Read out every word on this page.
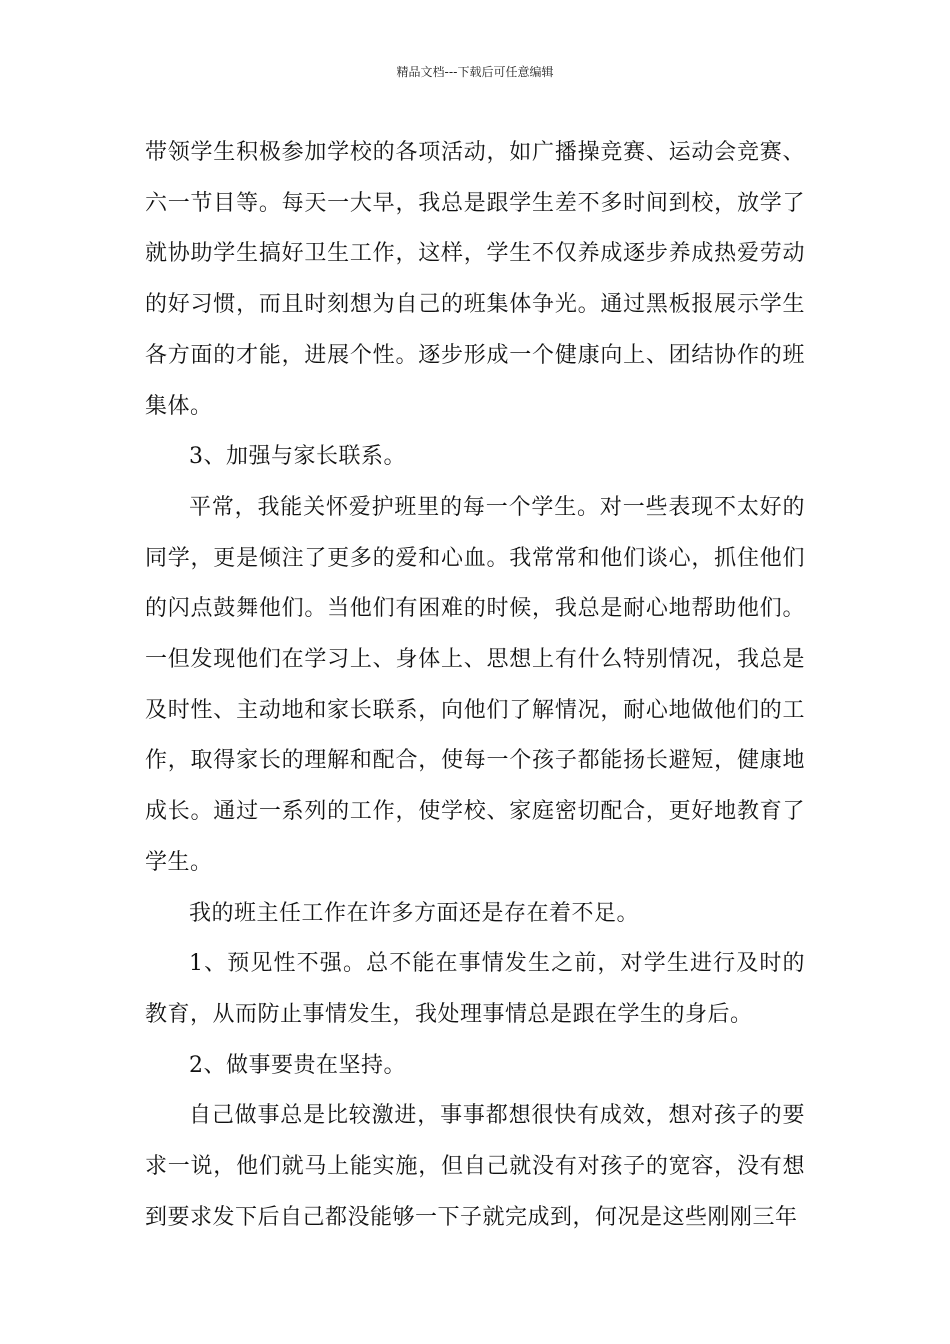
精品文档---下载后可任意编辑

带领学生积极参加学校的各项活动，如广播操竞赛、运动会竞赛、六一节目等。每天一大早，我总是跟学生差不多时间到校，放学了就协助学生搞好卫生工作，这样，学生不仅养成逐步养成热爱劳动的好习惯，而且时刻想为自己的班集体争光。通过黑板报展示学生各方面的才能，进展个性。逐步形成一个健康向上、团结协作的班集体。

3、加强与家长联系。

平常，我能关怀爱护班里的每一个学生。对一些表现不太好的同学，更是倾注了更多的爱和心血。我常常和他们谈心，抓住他们的闪点鼓舞他们。当他们有困难的时候，我总是耐心地帮助他们。一但发现他们在学习上、身体上、思想上有什么特别情况，我总是及时性、主动地和家长联系，向他们了解情况，耐心地做他们的工作，取得家长的理解和配合，使每一个孩子都能扬长避短，健康地成长。通过一系列的工作，使学校、家庭密切配合，更好地教育了学生。

我的班主任工作在许多方面还是存在着不足。

1、预见性不强。总不能在事情发生之前，对学生进行及时的教育，从而防止事情发生，我处理事情总是跟在学生的身后。

2、做事要贵在坚持。

自己做事总是比较激进，事事都想很快有成效，想对孩子的要求一说，他们就马上能实施，但自己就没有对孩子的宽容，没有想到要求发下后自己都没能够一下子就完成到，何况是这些刚刚三年
